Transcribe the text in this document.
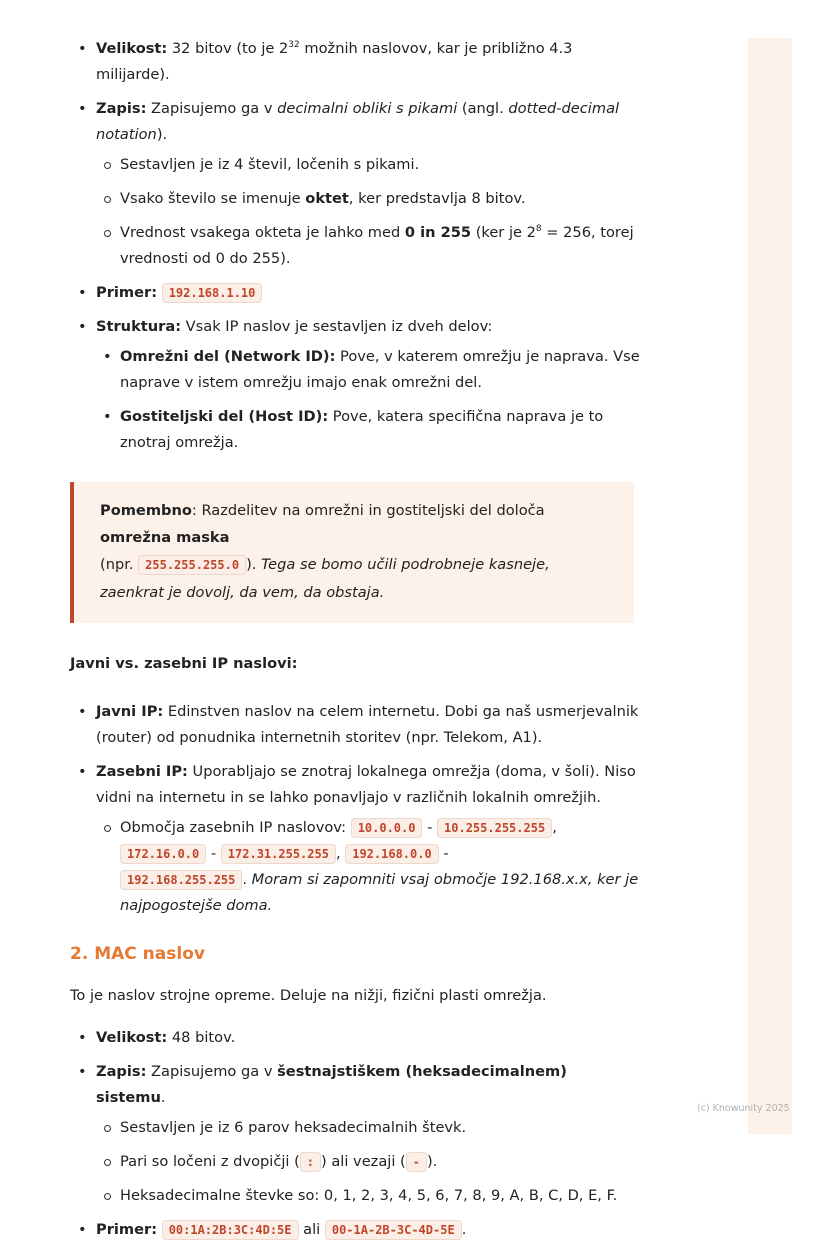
• Velikost: 32 bitov (to je $2^{32}$ možnih naslovov, kar je približno 4.3 milijarde).
• Zapis: Zapisujemo ga v decimalni obliki s pikami (angl. dotted-decimal notation).
Sestavljen je iz 4 števil, ločenih s pikami.
Vsako število se imenuje oktet, ker predstavlja 8 bitov.
Vrednost vsakega okteta je lahko med 0 in 255 (ker je $2^8 = 256$, torej vrednosti od 0 do 255).
• Primer: 192.168.1.10
• Struktura: Vsak IP naslov je sestavljen iz dveh delov:
• Omrežni del (Network ID): Pove, v katerem omrežju je naprava. Vse naprave v istem omrežju imajo enak omrežni del.
• Gostiteljski del (Host ID): Pove, katera specifična naprava je to znotraj omrežja.
Pomembno: Razdelitev na omrežni in gostiteljski del določa omrežna maska
(npr. 255.255.255.0 ). Tega se bomo učili podrobneje kasneje, zaenkrat je dovolj, da vem, da obstaja.
Javni vs. zasebni IP naslovi:
• Javni IP: Edinstven naslov na celem internetu. Dobi ga naš usmerjevalnik (router) od ponudnika internetnih storitev (npr. Telekom, A1).
• Zasebni IP: Uporabljajo se znotraj lokalnega omrežja (doma, v šoli). Niso vidni na internetu in se lahko ponavljajo v različnih lokalnih omrežjih.
Območja zasebnih IP naslovov: 10.0.0.0 - 10.255.255.255 ,
172.16.0.0 - 172.31.255.255 , 192.168.0.0 -
192.168.255.255 . Moram si zapomniti vsaj območje 192.168.x.x, ker je najpogostejše doma.
2. MAC naslov
To je naslov strojne opreme. Deluje na nižji, fizični plasti omrežja.
• Velikost: 48 bitov.
• Zapis: Zapisujemo ga v šestnajstiškem (heksadecimalnem) sistemu.
Sestavljen je iz 6 parov heksadecimalnih števk.
Pari so ločeni z dvopičji ( : ) ali vezaji ( - ).
Heksadecimalne števke so: 0, 1, 2, 3, 4, 5, 6, 7, 8, 9, A, B, C, D, E, F.
• Primer: 00:1A:2B:3C:4D:5E ali 00-1A-2B-3C-4D-5E .
(c) Knowunity 2025
